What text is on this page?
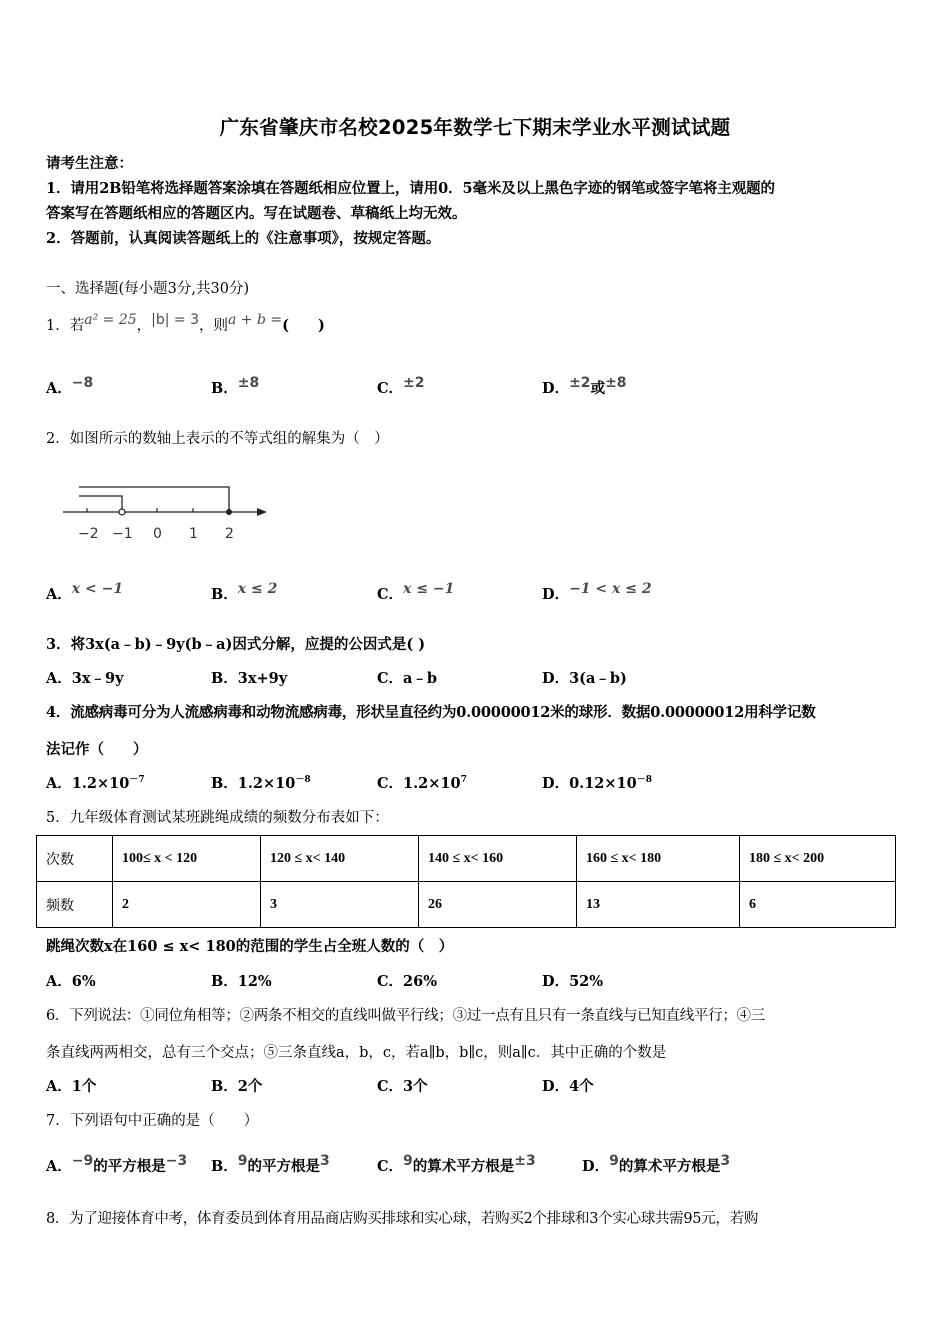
广东省肇庆市名校2025年数学七下期末学业水平测试试题
请考生注意：
1．请用2B铅笔将选择题答案涂填在答题纸相应位置上，请用0．5毫米及以上黑色字迹的钢笔或签字笔将主观题的
答案写在答题纸相应的答题区内。写在试题卷、草稿纸上均无效。
2．答题前，认真阅读答题纸上的《注意事项》，按规定答题。
一、选择题(每小题3分,共30分)
1．若a² = 25，|b| = 3，则a + b =(　　)
A．−8	B．±8	C．±2	D．±2或±8
2．如图所示的数轴上表示的不等式组的解集为（　）
−2 −1 0 1 2
A．x < −1	B．x ≤ 2	C．x ≤ −1	D．−1 < x ≤ 2
3．将3x(a﹣b)﹣9y(b﹣a)因式分解，应提的公因式是( )
A．3x﹣9y	B．3x+9y	C．a﹣b	D．3(a﹣b)
4．流感病毒可分为人流感病毒和动物流感病毒，形状呈直径约为0.00000012米的球形．数据0.00000012用科学记数
法记作（　　）
A．$1.2\times 10^{-7}$	B．$1.2\times 10^{-8}$	C．$1.2\times 10^7$	D．$0.12\times 10^{-8}$
5．九年级体育测试某班跳绳成绩的频数分布表如下：
次数	100≤ x < 120	120 ≤ x< 140	140 ≤ x< 160	160 ≤ x< 180	180 ≤ x< 200
频数	2	3	26	13	6
跳绳次数x在160 ≤ x< 180的范围的学生占全班人数的（　）
A．6%	B．12%	C．26%	D．52%
6．下列说法：①同位角相等；②两条不相交的直线叫做平行线；③过一点有且只有一条直线与已知直线平行；④三
条直线两两相交，总有三个交点；⑤三条直线a，b，c，若a∥b，b∥c，则a∥c．其中正确的个数是
A．1个	B．2个	C．3个	D．4个
7．下列语句中正确的是（　　）
A．−9的平方根是−3 B．9的平方根是3	C．9的算术平方根是±3	D．9的算术平方根是3
8．为了迎接体育中考，体育委员到体育用品商店购买排球和实心球，若购买2个排球和3个实心球共需95元，若购
